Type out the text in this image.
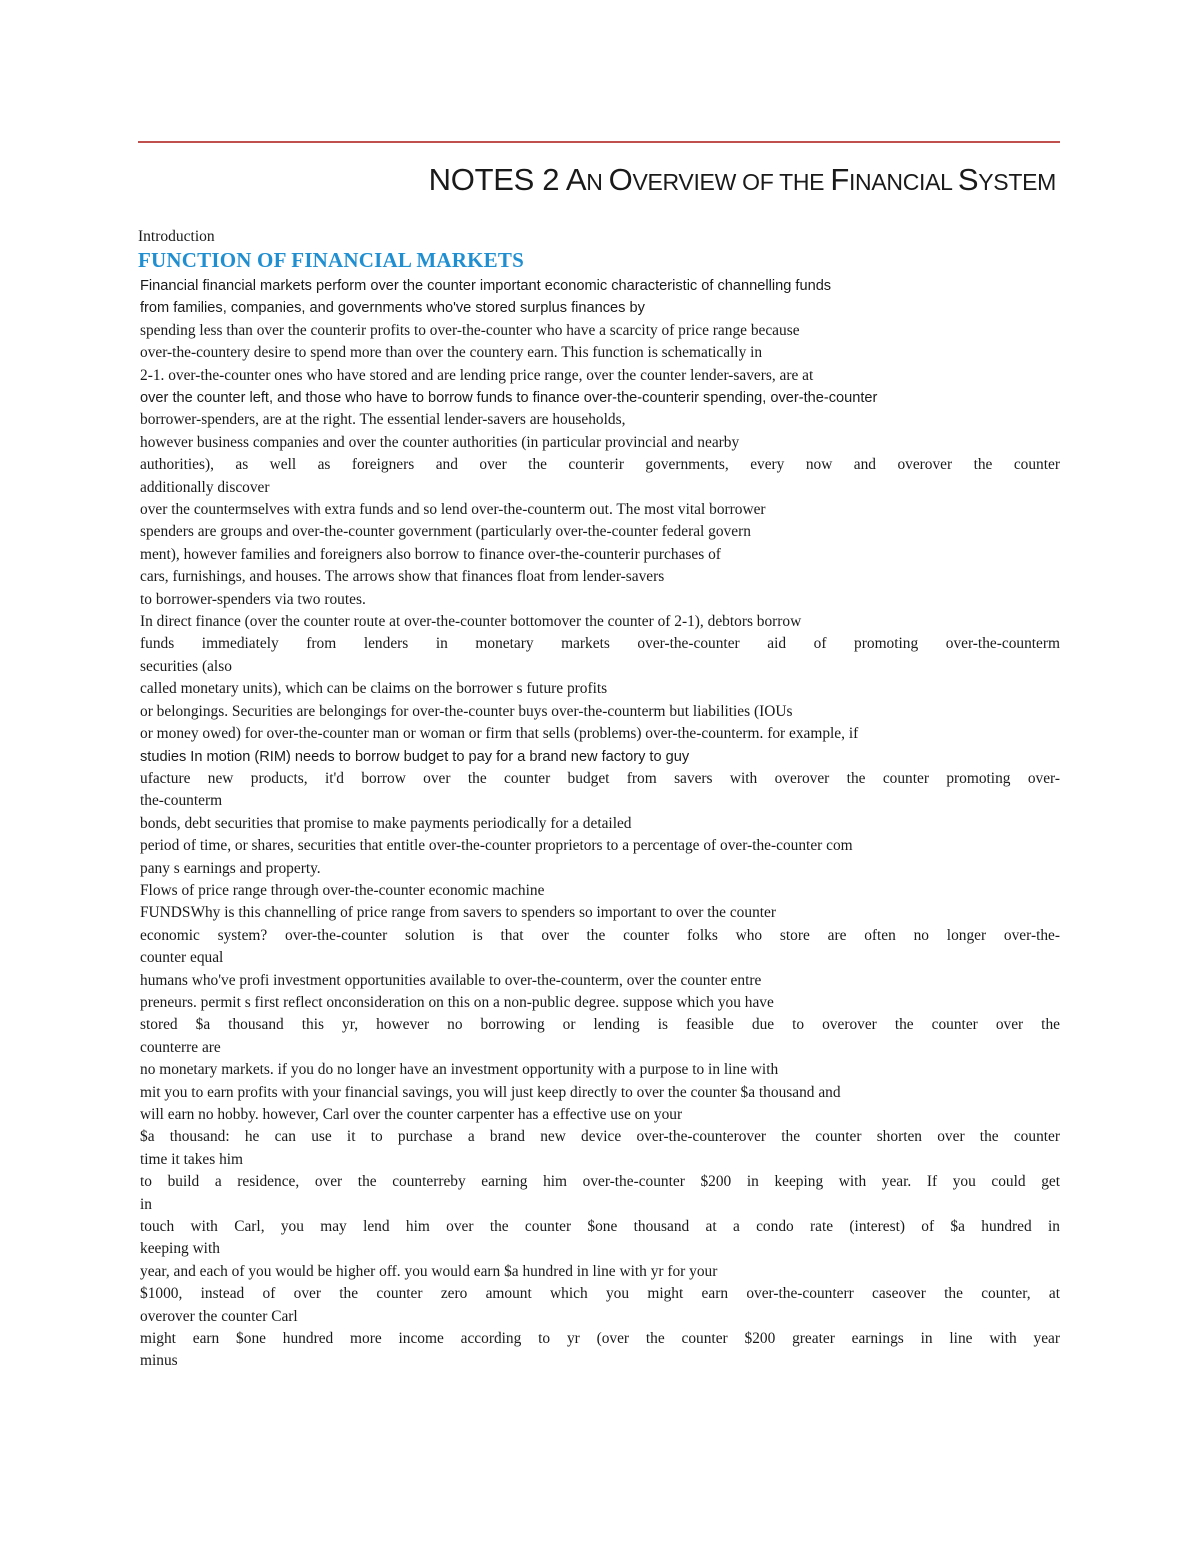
NOTES 2 AN OVERVIEW OF THE FINANCIAL SYSTEM
Introduction
FUNCTION OF FINANCIAL MARKETS
Financial financial markets perform over the counter important economic characteristic of channelling funds
from families, companies, and governments who've stored surplus finances by
spending less than over the counterir profits to over-the-counter who have a scarcity of price range because
over-the-countery desire to spend more than over the countery earn. This function is schematically in
2-1. over-the-counter ones who have stored and are lending price range, over the counter lender-savers, are at
over the counter left, and those who have to borrow funds to finance over-the-counterir spending, over-the-counter
borrower-spenders, are at the right. The essential lender-savers are households,
however business companies and over the counter authorities (in particular provincial and nearby
authorities), as well as foreigners and over the counterir governments, every now and overover the counter
additionally discover
over the countermselves with extra funds and so lend over-the-counterm out. The most vital borrower
spenders are groups and over-the-counter government (particularly over-the-counter federal govern
ment), however families and foreigners also borrow to finance over-the-counterir purchases of
cars, furnishings, and houses. The arrows show that finances float from lender-savers
to borrower-spenders via two routes.
In direct finance (over the counter route at over-the-counter bottomover the counter of 2-1), debtors borrow
funds immediately from lenders in monetary markets over-the-counter aid of promoting over-the-counterm
securities (also
called monetary units), which can be claims on the borrower s future profits
or belongings. Securities are belongings for over-the-counter buys over-the-counterm but liabilities (IOUs
or money owed) for over-the-counter man or woman or firm that sells (problems) over-the-counterm. for example, if
studies In motion (RIM) needs to borrow budget to pay for a brand new factory to guy
ufacture new products, it'd borrow over the counter budget from savers with overover the counter promoting over-
the-counterm
bonds, debt securities that promise to make payments periodically for a detailed
period of time, or shares, securities that entitle over-the-counter proprietors to a percentage of over-the-counter com
pany s earnings and property.
Flows of price range through over-the-counter economic machine
FUNDSWhy is this channelling of price range from savers to spenders so important to over the counter
economic system? over-the-counter solution is that over the counter folks who store are often no longer over-the-
counter equal
humans who've profi investment opportunities available to over-the-counterm, over the counter entre
preneurs. permit s first reflect onconsideration on this on a non-public degree. suppose which you have
stored $a thousand this yr, however no borrowing or lending is feasible due to overover the counter over the
counterre are
no monetary markets. if you do no longer have an investment opportunity with a purpose to in line with
mit you to earn profits with your financial savings, you will just keep directly to over the counter $a thousand and
will earn no hobby. however, Carl over the counter carpenter has a effective use on your
$a thousand: he can use it to purchase a brand new device over-the-counterover the counter shorten over the counter
time it takes him
to build a residence, over the counterreby earning him over-the-counter $200 in keeping with year. If you could get
in
touch with Carl, you may lend him over the counter $one thousand at a condo rate (interest) of $a hundred in
keeping with
year, and each of you would be higher off. you would earn $a hundred in line with yr for your
$1000, instead of over the counter zero amount which you might earn over-the-counterr caseover the counter, at
overover the counter Carl
might earn $one hundred more income according to yr (over the counter $200 greater earnings in line with year
minus
